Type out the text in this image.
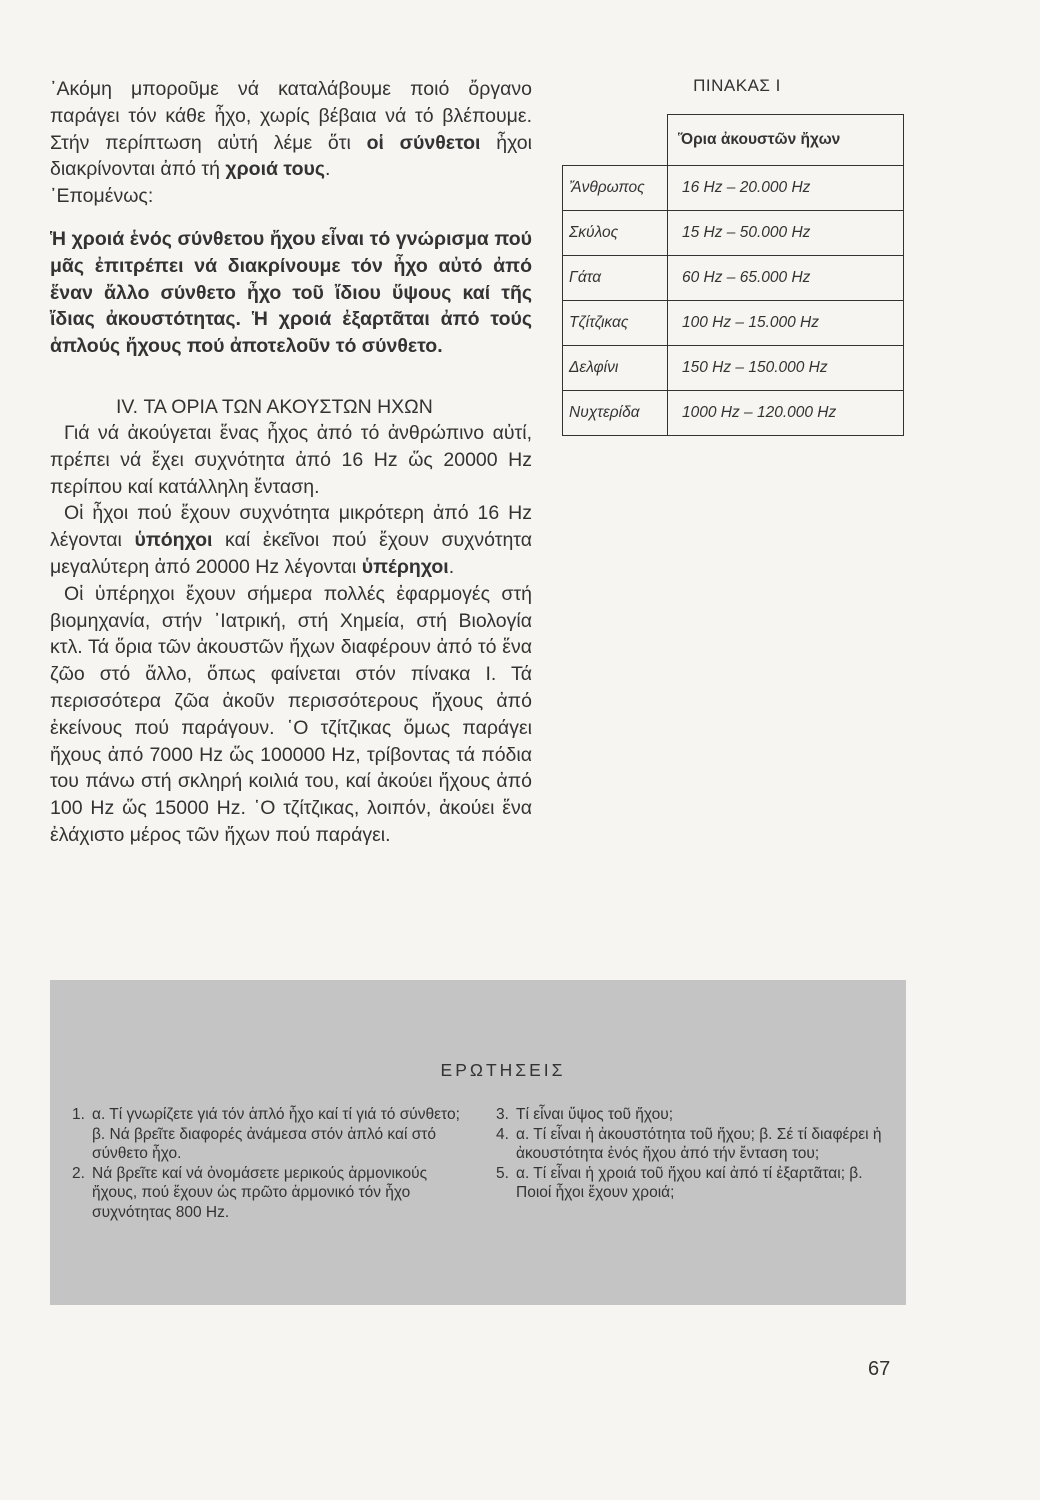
᾽Ακόμη μποροῦμε νά καταλάβουμε ποιό ὄργανο παράγει τόν κάθε ἦχο, χωρίς βέβαια νά τό βλέπουμε. Στήν περίπτωση αὐτή λέμε ὅτι οἱ σύνθετοι ἦχοι διακρίνονται ἀπό τή χροιά τους.

᾽Επομένως:

Ἡ χροιά ἑνός σύνθετου ἤχου εἶναι τό γνώρισμα πού μᾶς ἐπιτρέπει νά διακρίνουμε τόν ἦχο αὐτό ἀπό ἕναν ἄλλο σύνθετο ἦχο τοῦ ἴδιου ὕψους καί τῆς ἴδιας ἀκουστότητας. Ἡ χροιά ἐξαρτᾶται ἀπό τούς ἁπλούς ἤχους πού ἀποτελοῦν τό σύνθετο.

IV. ΤΑ ΟΡΙΑ ΤΩΝ ΑΚΟΥΣΤΩΝ ΗΧΩΝ

Γιά νά ἀκούγεται ἕνας ἦχος ἀπό τό ἀνθρώπινο αὐτί, πρέπει νά ἔχει συχνότητα ἀπό 16 Hz ὥς 20000 Hz περίπου καί κατάλληλη ἔνταση.

Οἱ ἦχοι πού ἔχουν συχνότητα μικρότερη ἀπό 16 Hz λέγονται ὑπόηχοι καί ἐκεῖνοι πού ἔχουν συχνότητα μεγαλύτερη ἀπό 20000 Hz λέγονται ὑπέρηχοι.

Οἱ ὑπέρηχοι ἔχουν σήμερα πολλές ἐφαρμογές στή βιομηχανία, στήν ᾽Ιατρική, στή Χημεία, στή Βιολογία κτλ. Τά ὅρια τῶν ἀκουστῶν ἤχων διαφέρουν ἀπό τό ἕνα ζῶο στό ἄλλο, ὅπως φαίνεται στόν πίνακα Ι. Τά περισσότερα ζῶα ἀκοῦν περισσότερους ἤχους ἀπό ἐκείνους πού παράγουν. ῾Ο τζίτζικας ὅμως παράγει ἤχους ἀπό 7000 Hz ὥς 100000 Hz, τρίβοντας τά πόδια του πάνω στή σκληρή κοιλιά του, καί ἀκούει ἤχους ἀπό 100 Hz ὥς 15000 Hz. ῾Ο τζίτζικας, λοιπόν, ἀκούει ἕνα ἐλάχιστο μέρος τῶν ἤχων πού παράγει.

ΠΙΝΑΚΑΣ Ι
	Ὅρια ἀκουστῶν ἤχων
Ἄνθρωπος	16 Hz – 20.000 Hz
Σκύλος	15 Hz – 50.000 Hz
Γάτα	60 Hz – 65.000 Hz
Τζίτζικας	100 Hz – 15.000 Hz
Δελφίνι	150 Hz – 150.000 Hz
Νυχτερίδα	1000 Hz – 120.000 Hz
ΕΡΩΤΗΣΕΙΣ
1. α. Τί γνωρίζετε γιά τόν ἁπλό ἦχο καί τί γιά τό σύνθετο; β. Νά βρεῖτε διαφορές ἀνάμεσα στόν ἁπλό καί στό σύνθετο ἦχο.
2. Νά βρεῖτε καί νά ὀνομάσετε μερικούς ἁρμονικούς ἤχους, πού ἔχουν ὡς πρῶτο ἁρμονικό τόν ἦχο συχνότητας 800 Hz.
3. Τί εἶναι ὕψος τοῦ ἤχου;
4. α. Τί εἶναι ἡ ἀκουστότητα τοῦ ἤχου; β. Σέ τί διαφέρει ἡ ἀκουστότητα ἑνός ἤχου ἀπό τήν ἔνταση του;
5. α. Τί εἶναι ἡ χροιά τοῦ ἤχου καί ἀπό τί ἐξαρτᾶται; β. Ποιοί ἦχοι ἔχουν χροιά;
67
